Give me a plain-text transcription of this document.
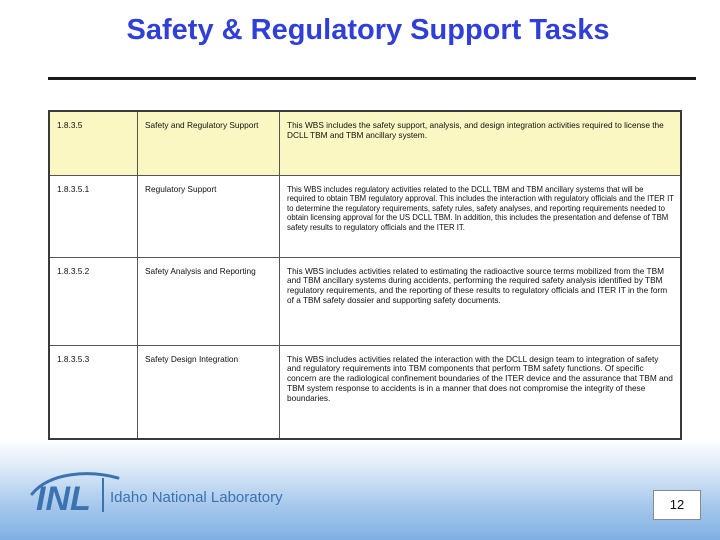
Safety & Regulatory Support Tasks
1.8.3.5	Safety and Regulatory Support	This WBS includes the safety support, analysis, and design integration activities required to license the DCLL TBM and TBM ancillary system.
1.8.3.5.1	Regulatory Support	This WBS includes regulatory activities related to the DCLL TBM and TBM ancillary systems that will be required to obtain TBM regulatory approval. This includes the interaction with regulatory officials and the ITER IT to determine the regulatory requirements, safety rules, safety analyses, and reporting requirements needed to obtain licensing approval for the US DCLL TBM. In addition, this includes the presentation and defense of TBM safety results to regulatory officials and the ITER IT.
1.8.3.5.2	Safety Analysis and Reporting	This WBS includes activities related to estimating the radioactive source terms mobilized from the TBM and TBM ancillary systems during accidents, performing the required safety analysis identified by TBM regulatory requirements, and the reporting of these results to regulatory officials and ITER IT in the form of a TBM safety dossier and supporting safety documents.
1.8.3.5.3	Safety Design Integration	This WBS includes activities related the interaction with the DCLL design team to integration of safety and regulatory requirements into TBM components that perform TBM safety functions. Of specific concern are the radiological confinement boundaries of the ITER device and the assurance that TBM and TBM system response to accidents is in a manner that does not compromise the integrity of these boundaries.
INL Idaho National Laboratory	12
